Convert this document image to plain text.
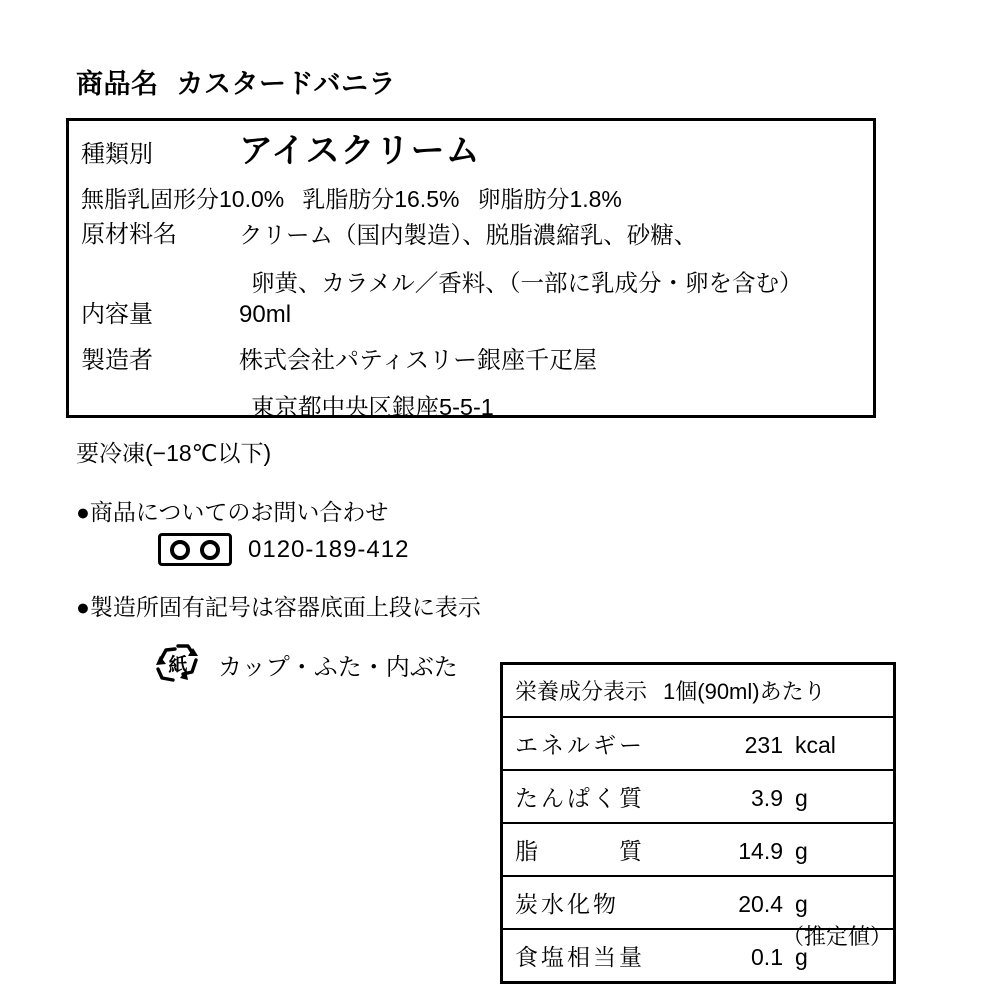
商品名 カスタードバニラ
種類別	アイスクリーム
無脂乳固形分10.0% 乳脂肪分16.5% 卵脂肪分1.8%
原材料名	クリーム（国内製造）、脱脂濃縮乳、砂糖、
卵黄、カラメル／香料、（一部に乳成分・卵を含む）
内容量	90ml
製造者	株式会社パティスリー銀座千疋屋
東京都中央区銀座5-5-1
要冷凍(−18℃以下)
●商品についてのお問い合わせ
0120-189-412
●製造所固有記号は容器底面上段に表示
紙 カップ・ふた・内ぶた
栄養成分表示 1個(90ml)あたり
エネルギー	231 kcal
たんぱく質	3.9 g
脂　　　質	14.9 g
炭水化物	20.4 g
食塩相当量	0.1 g
（推定値）
